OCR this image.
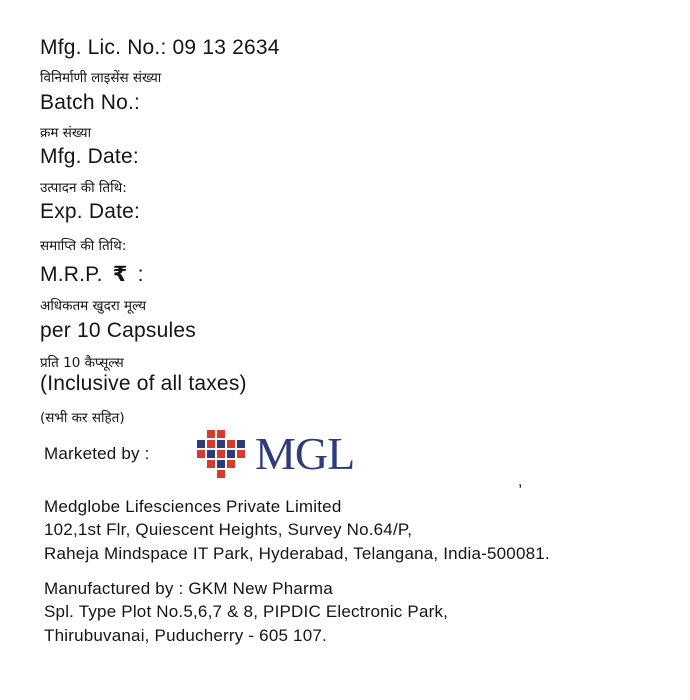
Mfg. Lic. No.: 09 13 2634
विनिर्माणी लाइसेंस संख्या
Batch No.:
क्रम संख्या
Mfg. Date:
उत्पादन की तिथि:
Exp. Date:
समाप्ति की तिथि:
M.R.P. ₹ :
अधिकतम खुदरा मूल्य
per 10 Capsules
प्रति 10 कैप्सूल्स
(Inclusive of all taxes)
(सभी कर सहित)
Marketed by : MGL
,
Medglobe Lifesciences Private Limited
102,1st Flr, Quiescent Heights, Survey No.64/P,
Raheja Mindspace IT Park, Hyderabad, Telangana, India-500081.
Manufactured by : GKM New Pharma
Spl. Type Plot No.5,6,7 & 8, PIPDIC Electronic Park,
Thirubuvanai, Puducherry - 605 107.
